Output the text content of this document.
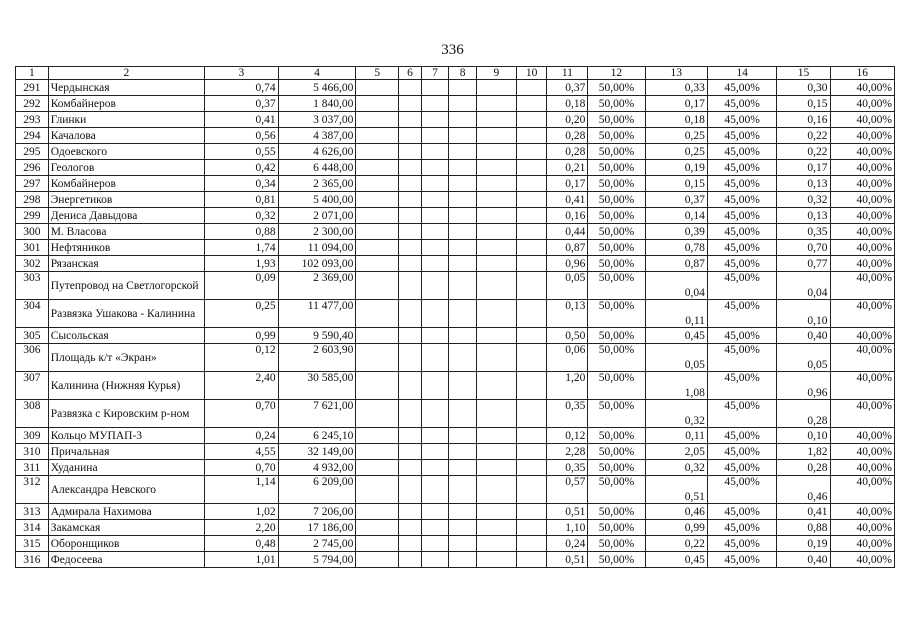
336
1	2	3	4	5	6	7	8	9	10	11	12	13	14	15	16
291	Чердынская	0,74	5 466,00							0,37	50,00%	0,33	45,00%	0,30	40,00%
292	Комбайнеров	0,37	1 840,00							0,18	50,00%	0,17	45,00%	0,15	40,00%
293	Глинки	0,41	3 037,00							0,20	50,00%	0,18	45,00%	0,16	40,00%
294	Качалова	0,56	4 387,00							0,28	50,00%	0,25	45,00%	0,22	40,00%
295	Одоевского	0,55	4 626,00							0,28	50,00%	0,25	45,00%	0,22	40,00%
296	Геологов	0,42	6 448,00							0,21	50,00%	0,19	45,00%	0,17	40,00%
297	Комбайнеров	0,34	2 365,00							0,17	50,00%	0,15	45,00%	0,13	40,00%
298	Энергетиков	0,81	5 400,00							0,41	50,00%	0,37	45,00%	0,32	40,00%
299	Дениса Давыдова	0,32	2 071,00							0,16	50,00%	0,14	45,00%	0,13	40,00%
300	М. Власова	0,88	2 300,00							0,44	50,00%	0,39	45,00%	0,35	40,00%
301	Нефтяников	1,74	11 094,00							0,87	50,00%	0,78	45,00%	0,70	40,00%
302	Рязанская	1,93	102 093,00							0,96	50,00%	0,87	45,00%	0,77	40,00%
303	Путепровод на Светлогорской	0,09	2 369,00							0,05	50,00%	0,04	45,00%	0,04	40,00%
304	Развязка Ушакова - Калинина	0,25	11 477,00							0,13	50,00%	0,11	45,00%	0,10	40,00%
305	Сысольская	0,99	9 590,40							0,50	50,00%	0,45	45,00%	0,40	40,00%
306	Площадь к/т «Экран»	0,12	2 603,90							0,06	50,00%	0,05	45,00%	0,05	40,00%
307	Калинина (Нижняя Курья)	2,40	30 585,00							1,20	50,00%	1,08	45,00%	0,96	40,00%
308	Развязка с Кировским р-ном	0,70	7 621,00							0,35	50,00%	0,32	45,00%	0,28	40,00%
309	Кольцо МУПАП-3	0,24	6 245,10							0,12	50,00%	0,11	45,00%	0,10	40,00%
310	Причальная	4,55	32 149,00							2,28	50,00%	2,05	45,00%	1,82	40,00%
311	Худанина	0,70	4 932,00							0,35	50,00%	0,32	45,00%	0,28	40,00%
312	Александра Невского	1,14	6 209,00							0,57	50,00%	0,51	45,00%	0,46	40,00%
313	Адмирала Нахимова	1,02	7 206,00							0,51	50,00%	0,46	45,00%	0,41	40,00%
314	Закамская	2,20	17 186,00							1,10	50,00%	0,99	45,00%	0,88	40,00%
315	Оборонщиков	0,48	2 745,00							0,24	50,00%	0,22	45,00%	0,19	40,00%
316	Федосеева	1,01	5 794,00							0,51	50,00%	0,45	45,00%	0,40	40,00%
